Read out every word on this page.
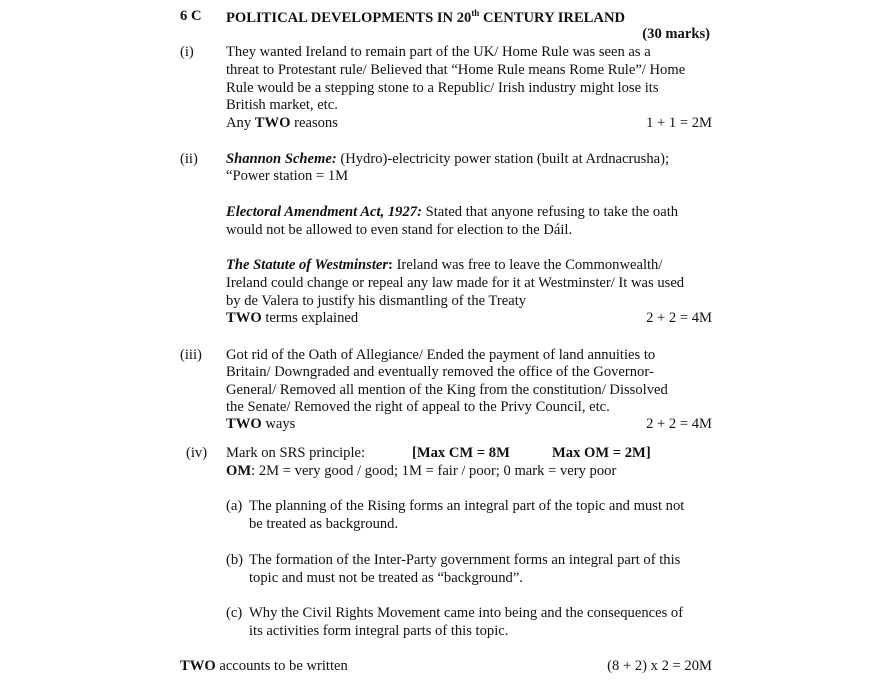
6 C POLITICAL DEVELOPMENTS IN 20th CENTURY IRELAND
(30 marks)
(i) They wanted Ireland to remain part of the UK/ Home Rule was seen as a
threat to Protestant rule/ Believed that “Home Rule means Rome Rule”/ Home
Rule would be a stepping stone to a Republic/ Irish industry might lose its
British market, etc.
Any TWO reasons	1 + 1 = 2M
(ii) Shannon Scheme: (Hydro)-electricity power station (built at Ardnacrusha);
“Power station = 1M
Electoral Amendment Act, 1927: Stated that anyone refusing to take the oath
would not be allowed to even stand for election to the Dáil.
The Statute of Westminster: Ireland was free to leave the Commonwealth/
Ireland could change or repeal any law made for it at Westminster/ It was used
by de Valera to justify his dismantling of the Treaty
TWO terms explained	2 + 2 = 4M
(iii) Got rid of the Oath of Allegiance/ Ended the payment of land annuities to
Britain/ Downgraded and eventually removed the office of the Governor-
General/ Removed all mention of the King from the constitution/ Dissolved
the Senate/ Removed the right of appeal to the Privy Council, etc.
TWO ways	2 + 2 = 4M
(iv) Mark on SRS principle:	[Max CM = 8M	Max OM = 2M]
OM: 2M = very good / good; 1M = fair / poor; 0 mark = very poor
(a) The planning of the Rising forms an integral part of the topic and must not
be treated as background.
(b) The formation of the Inter-Party government forms an integral part of this
topic and must not be treated as “background”.
(c) Why the Civil Rights Movement came into being and the consequences of
its activities form integral parts of this topic.
TWO accounts to be written	(8 + 2) x 2 = 20M
